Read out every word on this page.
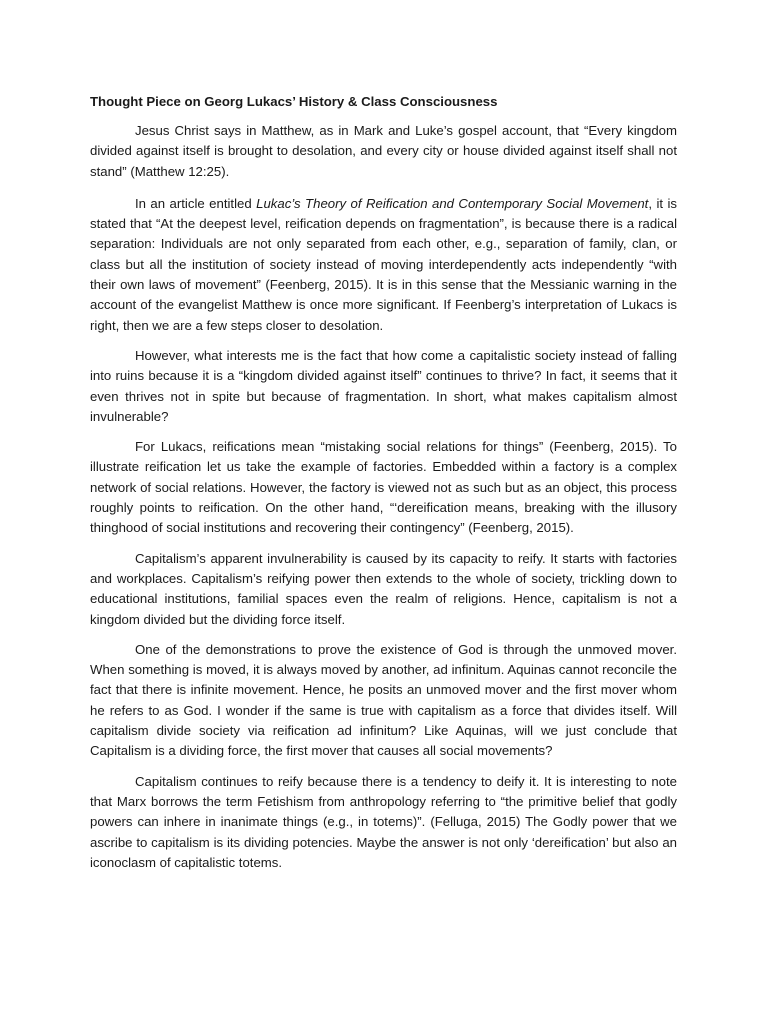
Thought Piece on Georg Lukacs’ History & Class Consciousness

Jesus Christ says in Matthew, as in Mark and Luke’s gospel account, that “Every kingdom divided against itself is brought to desolation, and every city or house divided against itself shall not stand” (Matthew 12:25).

In an article entitled Lukac’s Theory of Reification and Contemporary Social Movement, it is stated that “At the deepest level, reification depends on fragmentation”, is because there is a radical separation: Individuals are not only separated from each other, e.g., separation of family, clan, or class but all the institution of society instead of moving interdependently acts independently “with their own laws of movement” (Feenberg, 2015). It is in this sense that the Messianic warning in the account of the evangelist Matthew is once more significant. If Feenberg’s interpretation of Lukacs is right, then we are a few steps closer to desolation.

However, what interests me is the fact that how come a capitalistic society instead of falling into ruins because it is a “kingdom divided against itself” continues to thrive? In fact, it seems that it even thrives not in spite but because of fragmentation. In short, what makes capitalism almost invulnerable?

For Lukacs, reifications mean “mistaking social relations for things” (Feenberg, 2015). To illustrate reification let us take the example of factories. Embedded within a factory is a complex network of social relations. However, the factory is viewed not as such but as an object, this process roughly points to reification. On the other hand, “‘dereification means, breaking with the illusory thinghood of social institutions and recovering their contingency” (Feenberg, 2015).

Capitalism’s apparent invulnerability is caused by its capacity to reify. It starts with factories and workplaces. Capitalism’s reifying power then extends to the whole of society, trickling down to educational institutions, familial spaces even the realm of religions. Hence, capitalism is not a kingdom divided but the dividing force itself.

One of the demonstrations to prove the existence of God is through the unmoved mover. When something is moved, it is always moved by another, ad infinitum. Aquinas cannot reconcile the fact that there is infinite movement. Hence, he posits an unmoved mover and the first mover whom he refers to as God. I wonder if the same is true with capitalism as a force that divides itself. Will capitalism divide society via reification ad infinitum? Like Aquinas, will we just conclude that Capitalism is a dividing force, the first mover that causes all social movements?

Capitalism continues to reify because there is a tendency to deify it. It is interesting to note that Marx borrows the term Fetishism from anthropology referring to “the primitive belief that godly powers can inhere in inanimate things (e.g., in totems)”. (Felluga, 2015) The Godly power that we ascribe to capitalism is its dividing potencies. Maybe the answer is not only ‘dereification’ but also an iconoclasm of capitalistic totems.
